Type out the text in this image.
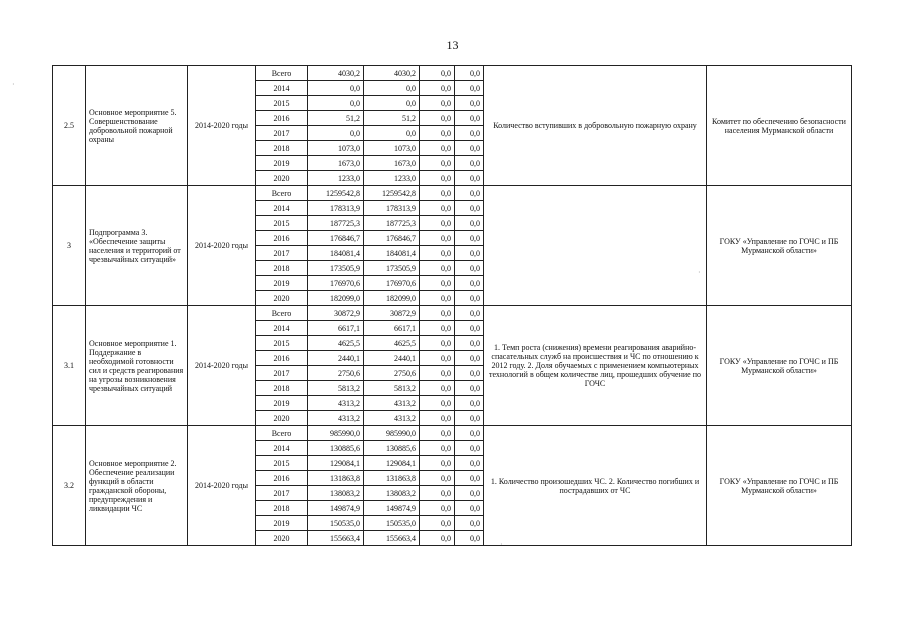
13
2.5	Основное мероприятие 5. Совершенствование добровольной пожарной охраны	2014-2020 годы	Всего	4030,2	4030,2	0,0	0,0	Количество вступивших в добровольную пожарную охрану	Комитет по обеспечению безопасности населения Мурманской области
			2014	0,0	0,0	0,0	0,0		
			2015	0,0	0,0	0,0	0,0		
			2016	51,2	51,2	0,0	0,0		
			2017	0,0	0,0	0,0	0,0		
			2018	1073,0	1073,0	0,0	0,0		
			2019	1673,0	1673,0	0,0	0,0		
			2020	1233,0	1233,0	0,0	0,0		
3	Подпрограмма 3. «Обеспечение защиты населения и территорий от чрезвычайных ситуаций»	2014-2020 годы	Всего	1259542,8	1259542,8	0,0	0,0		ГОКУ «Управление по ГОЧС и ПБ Мурманской области»
			2014	178313,9	178313,9	0,0	0,0		
			2015	187725,3	187725,3	0,0	0,0		
			2016	176846,7	176846,7	0,0	0,0		
			2017	184081,4	184081,4	0,0	0,0		
			2018	173505,9	173505,9	0,0	0,0		
			2019	176970,6	176970,6	0,0	0,0		
			2020	182099,0	182099,0	0,0	0,0		
3.1	Основное мероприятие 1. Поддержание в необходимой готовности сил и средств реагирования на угрозы возникновения чрезвычайных ситуаций	2014-2020 годы	Всего	30872,9	30872,9	0,0	0,0	1. Темп роста (снижения) времени реагирования аварийно-спасательных служб на происшествия и ЧС по отношению к 2012 году. 2. Доля обучаемых с применением компьютерных технологий в общем количестве лиц, прошедших обучение по ГОЧС	ГОКУ «Управление по ГОЧС и ПБ Мурманской области»
			2014	6617,1	6617,1	0,0	0,0		
			2015	4625,5	4625,5	0,0	0,0		
			2016	2440,1	2440,1	0,0	0,0		
			2017	2750,6	2750,6	0,0	0,0		
			2018	5813,2	5813,2	0,0	0,0		
			2019	4313,2	4313,2	0,0	0,0		
			2020	4313,2	4313,2	0,0	0,0		
3.2	Основное мероприятие 2. Обеспечение реализации функций в области гражданской обороны, предупреждения и ликвидации ЧС	2014-2020 годы	Всего	985990,0	985990,0	0,0	0,0	1. Количество произошедших ЧС. 2. Количество погибших и пострадавших от ЧС	ГОКУ «Управление по ГОЧС и ПБ Мурманской области»
			2014	130885,6	130885,6	0,0	0,0		
			2015	129084,1	129084,1	0,0	0,0		
			2016	131863,8	131863,8	0,0	0,0		
			2017	138083,2	138083,2	0,0	0,0		
			2018	149874,9	149874,9	0,0	0,0		
			2019	150535,0	150535,0	0,0	0,0		
			2020	155663,4	155663,4	0,0	0,0		
·
·
·
